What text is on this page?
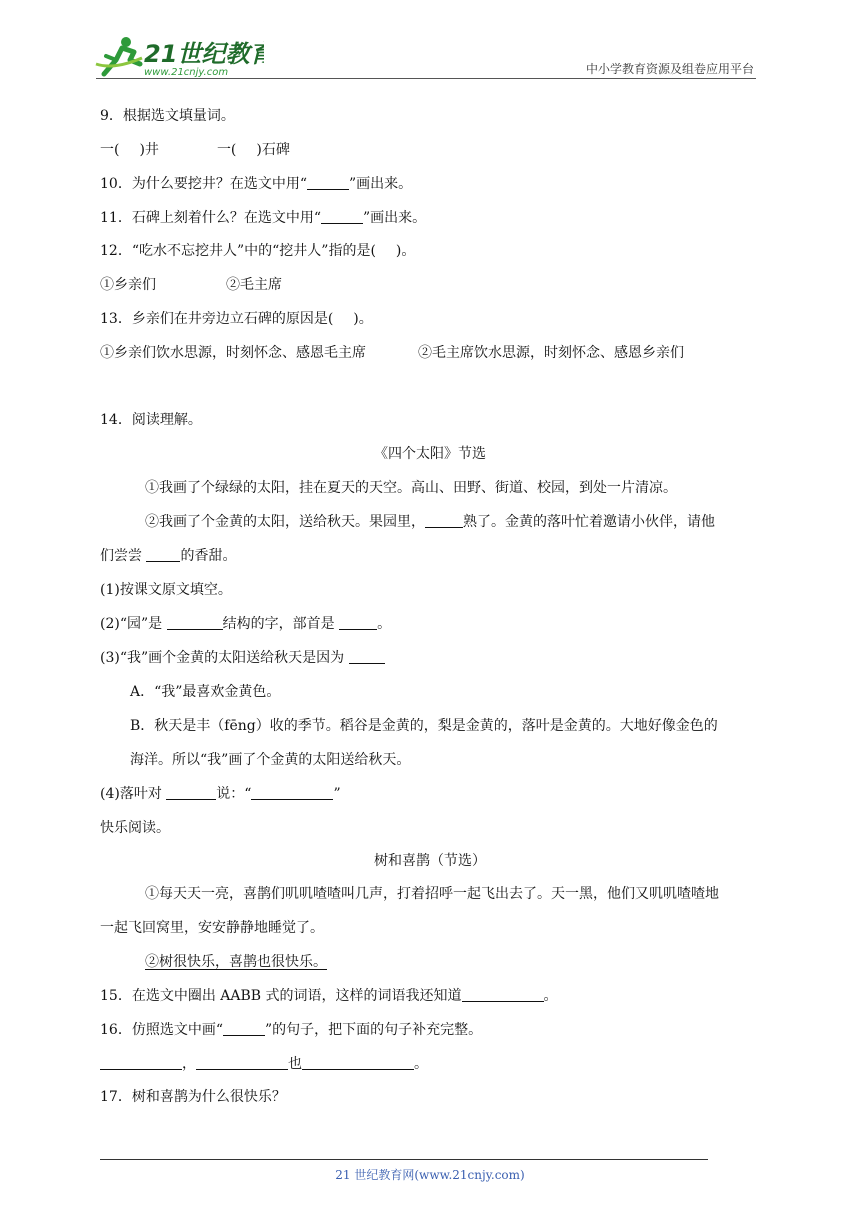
21世纪教育
www.21cnjy.com	中小学教育资源及组卷应用平台
9．根据选文填量词。
一( )井	一( )石碑
10．为什么要挖井？在选文中用“	”画出来。
11．石碑上刻着什么？在选文中用“	”画出来。
12．“吃水不忘挖井人”中的“挖井人”指的是( )。
①乡亲们	②毛主席
13．乡亲们在井旁边立石碑的原因是( )。
①乡亲们饮水思源，时刻怀念、感恩毛主席	②毛主席饮水思源，时刻怀念、感恩乡亲们
14．阅读理解。
《四个太阳》节选
①我画了个绿绿的太阳，挂在夏天的天空。高山、田野、街道、校园，到处一片清凉。
②我画了个金黄的太阳，送给秋天。果园里，	熟了。金黄的落叶忙着邀请小伙伴，请他
们尝尝 的香甜。
(1)按课文原文填空。
(2)“园”是	结构的字，部首是	。
(3)“我”画个金黄的太阳送给秋天是因为
A．“我”最喜欢金黄色。
B．秋天是丰（fēng）收的季节。稻谷是金黄的，梨是金黄的，落叶是金黄的。大地好像金色的
海洋。所以“我”画了个金黄的太阳送给秋天。
(4)落叶对	说：“	”
快乐阅读。
树和喜鹊（节选）
①每天天一亮，喜鹊们叽叽喳喳叫几声，打着招呼一起飞出去了。天一黑，他们又叽叽喳喳地
一起飞回窝里，安安静静地睡觉了。
②树很快乐，喜鹊也很快乐。
15．在选文中圈出 AABB 式的词语，这样的词语我还知道	。
16．仿照选文中画“	”的句子，把下面的句子补充完整。
，	也	。
17．树和喜鹊为什么很快乐？
21 世纪教育网(www.21cnjy.com)
